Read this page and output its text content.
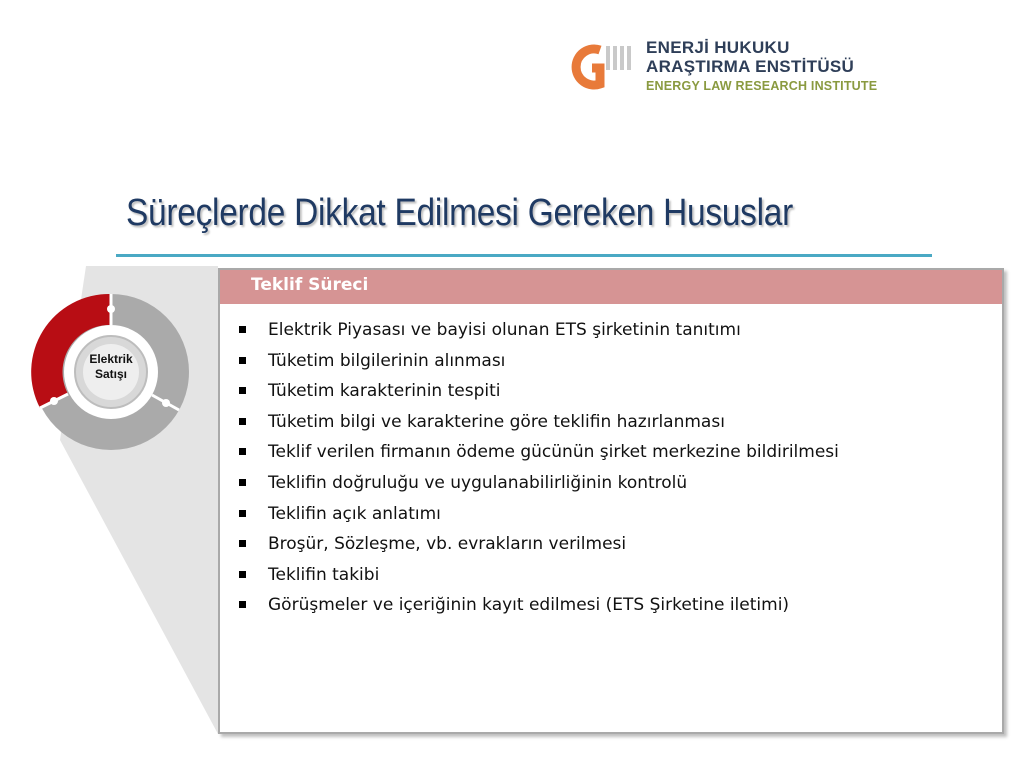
ENERJİ HUKUKU
ARAŞTIRMA ENSTİTÜSÜ
ENERGY LAW RESEARCH INSTITUTE
Süreçlerde Dikkat Edilmesi Gereken Hususlar
Elektrik
Satışı
Teklif Süreci
Elektrik Piyasası ve bayisi olunan ETS şirketinin tanıtımı
Tüketim bilgilerinin alınması
Tüketim karakterinin tespiti
Tüketim bilgi ve karakterine göre teklifin hazırlanması
Teklif verilen firmanın ödeme gücünün şirket merkezine bildirilmesi
Teklifin doğruluğu ve uygulanabilirliğinin kontrolü
Teklifin açık anlatımı
Broşür, Sözleşme, vb. evrakların verilmesi
Teklifin takibi
Görüşmeler ve içeriğinin kayıt edilmesi (ETS Şirketine iletimi)
